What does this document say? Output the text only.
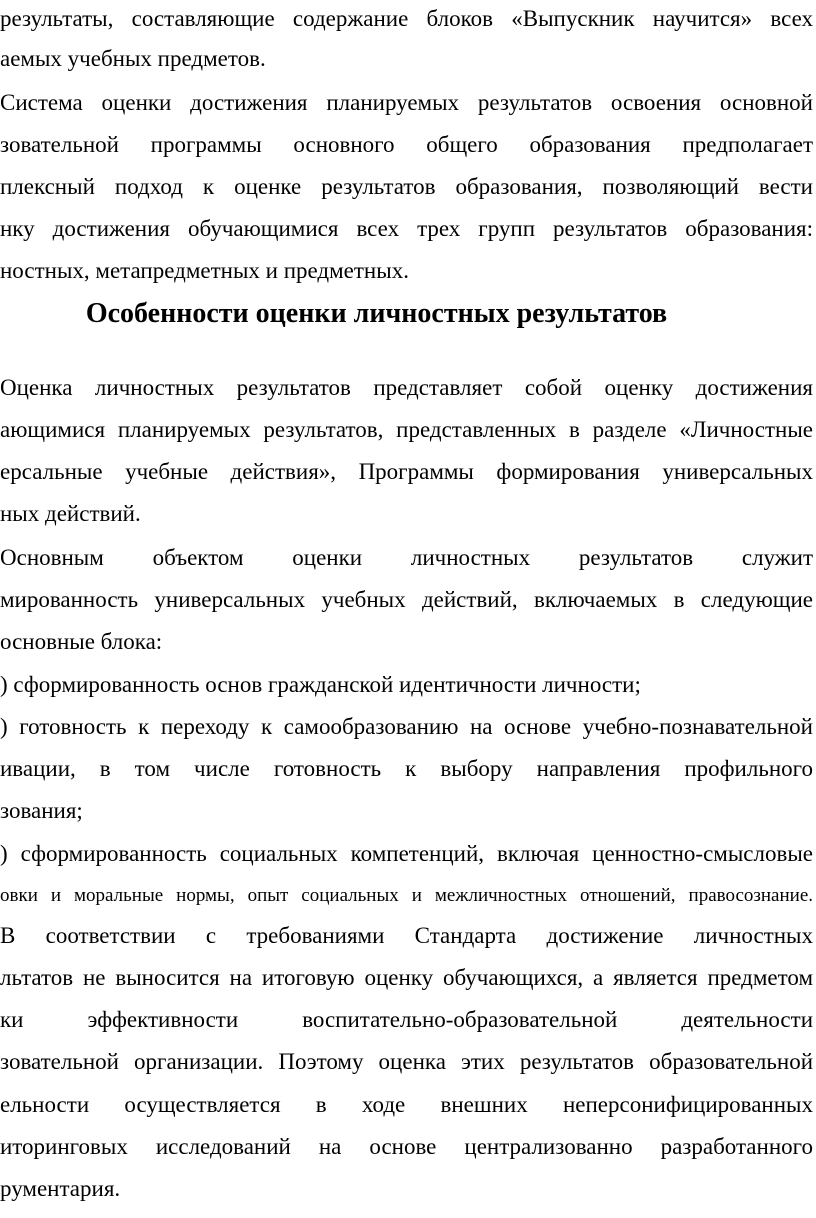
результаты, составляющие содержание блоков «Выпускник научится» всех

аемых учебных предметов.

Система оценки достижения планируемых результатов освоения основной

зовательной программы основного общего образования предполагает

плексный подход к оценке результатов образования, позволяющий вести

нку достижения обучающимися всех трех групп результатов образования:

ностных, метапредметных и предметных.

Особенности оценки личностных результатов

Оценка личностных результатов представляет собой оценку достижения

ающимися планируемых результатов, представленных в разделе «Личностные

ерсальные учебные действия», Программы формирования универсальных

ных действий.

Основным объектом оценки личностных результатов служит

мированность универсальных учебных действий, включаемых в следующие

основные блока:

) сформированность основ гражданской идентичности личности;

) готовность к переходу к самообразованию на основе учебно-познавательной

ивации, в том числе готовность к выбору направления профильного

зования;

) сформированность социальных компетенций, включая ценностно-смысловые

овки и моральные нормы, опыт социальных и межличностных отношений, правосознание.

В соответствии с требованиями Стандарта достижение личностных

льтатов не выносится на итоговую оценку обучающихся, а является предметом

ки эффективности воспитательно-образовательной деятельности

зовательной организации. Поэтому оценка этих результатов образовательной

ельности осуществляется в ходе внешних неперсонифицированных

иторинговых исследований на основе централизованно разработанного

рументария.
